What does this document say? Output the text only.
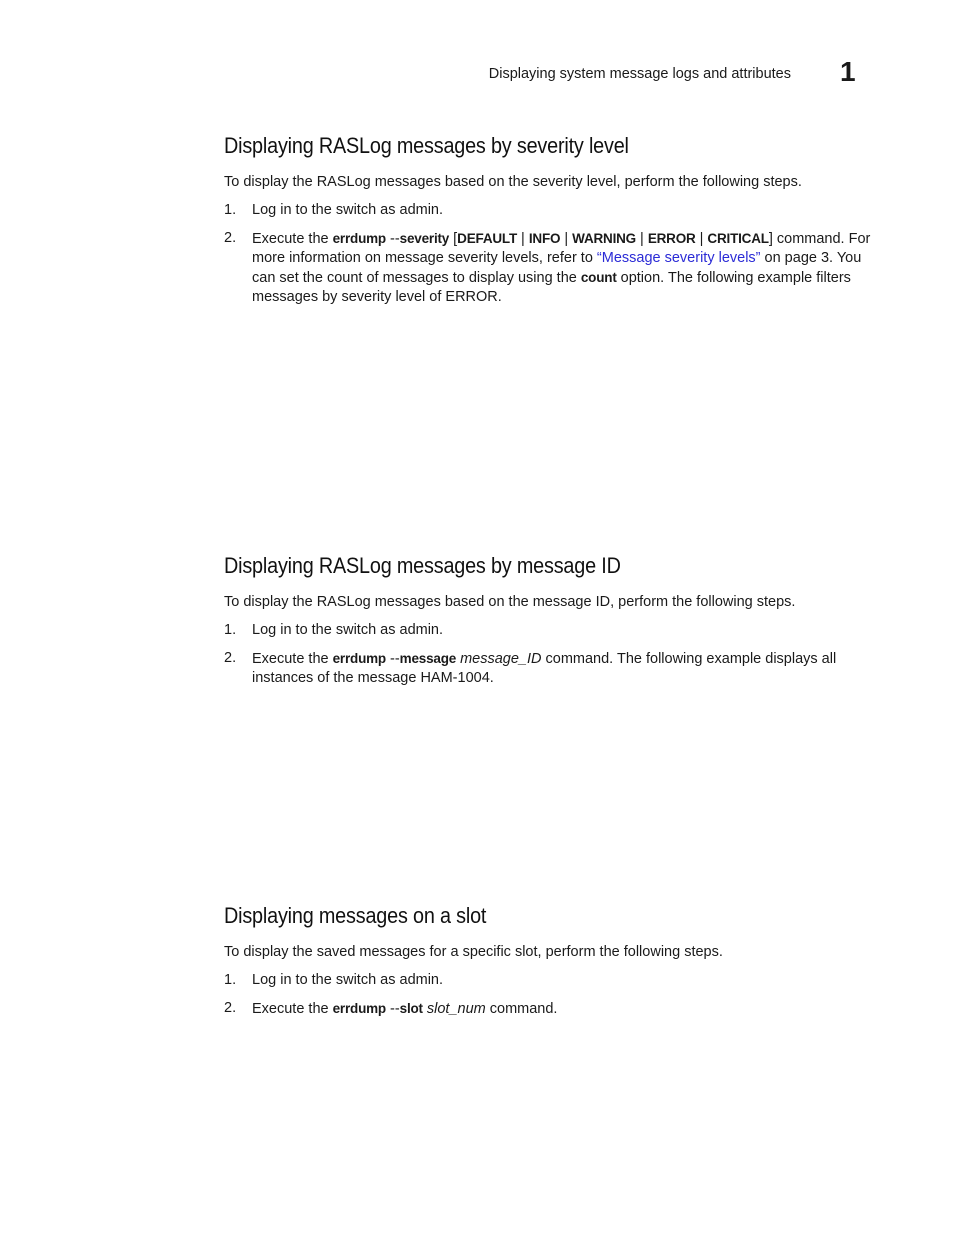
Displaying system message logs and attributes 1
Displaying RASLog messages by severity level

To display the RASLog messages based on the severity level, perform the following steps.

1. Log in to the switch as admin.
2. Execute the errdump --severity [DEFAULT | INFO | WARNING | ERROR | CRITICAL] command. For more information on message severity levels, refer to “Message severity levels” on page 3. You can set the count of messages to display using the count option. The following example filters messages by severity level of ERROR.
Displaying RASLog messages by message ID

To display the RASLog messages based on the message ID, perform the following steps.

1. Log in to the switch as admin.
2. Execute the errdump --message message_ID command. The following example displays all instances of the message HAM-1004.
Displaying messages on a slot

To display the saved messages for a specific slot, perform the following steps.

1. Log in to the switch as admin.
2. Execute the errdump --slot slot_num command.
